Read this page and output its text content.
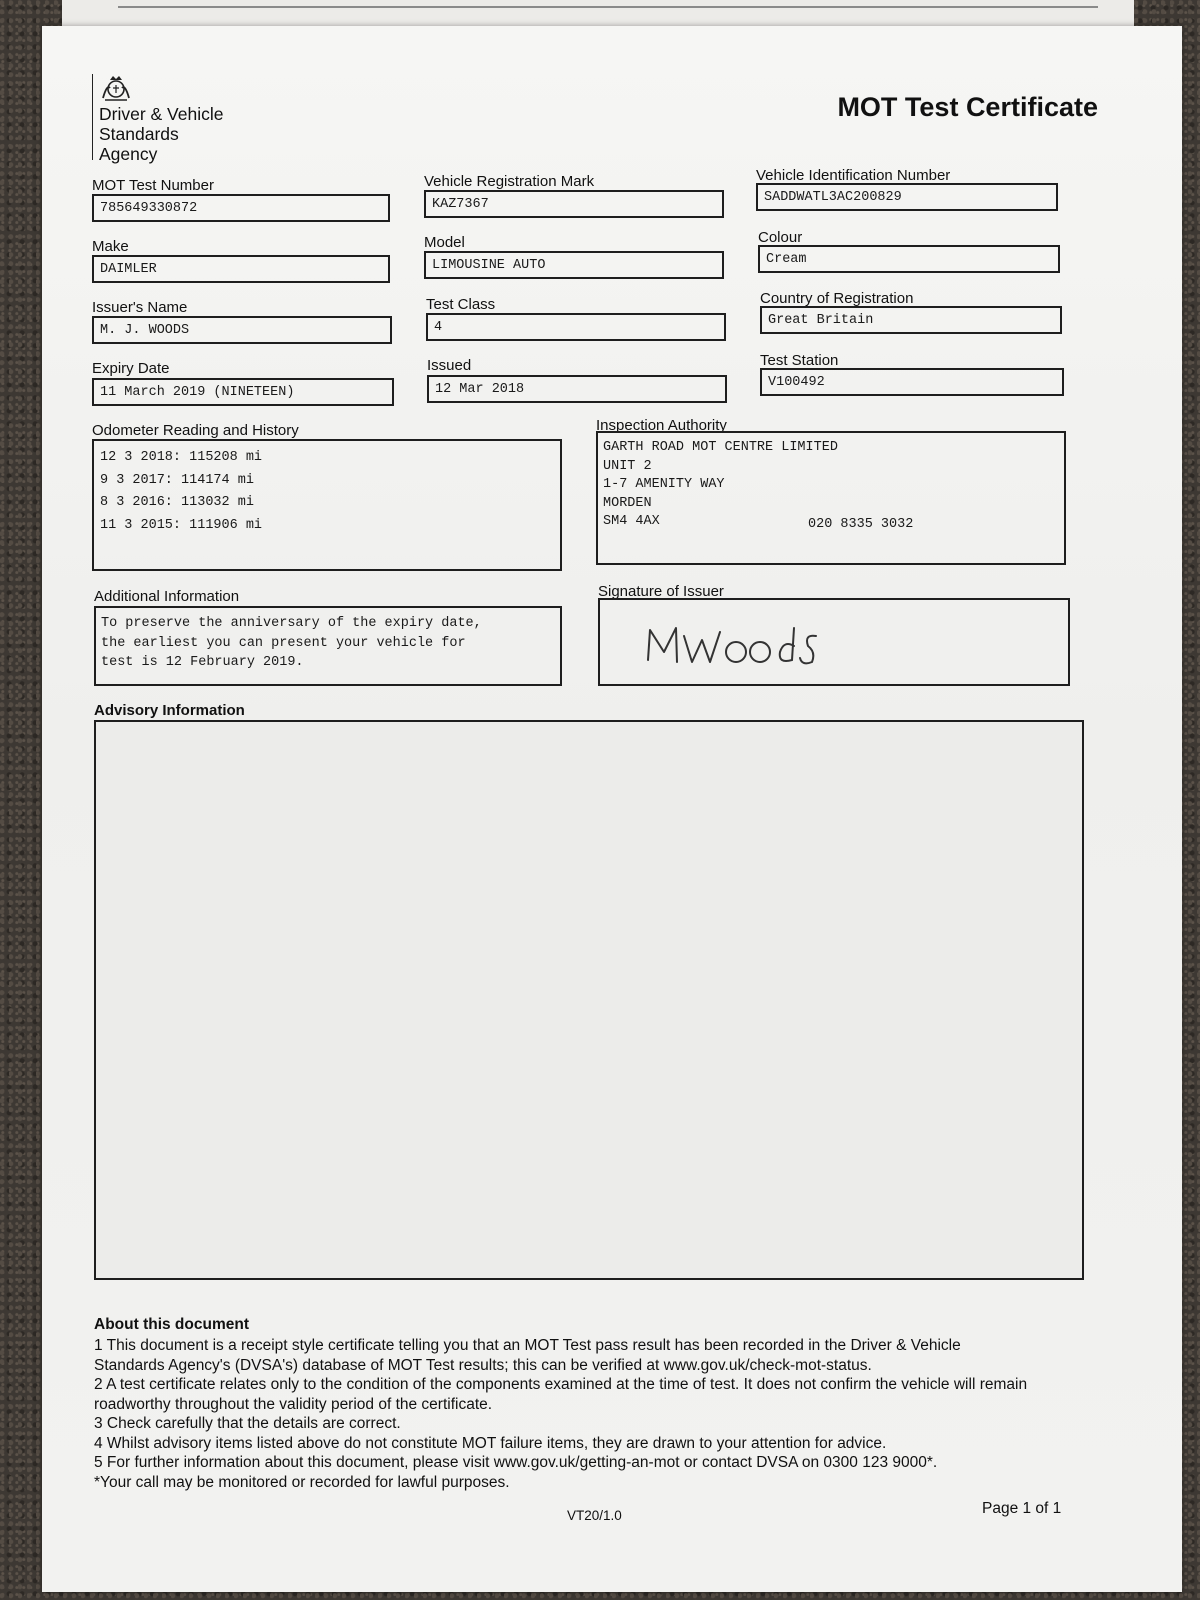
Driver & Vehicle
Standards
Agency
MOT Test Certificate
MOT Test Number
785649330872
Vehicle Registration Mark
KAZ7367
Vehicle Identification Number
SADDWATL3AC200829
Make
DAIMLER
Model
LIMOUSINE AUTO
Colour
Cream
Issuer's Name
M. J. WOODS
Test Class
4
Country of Registration
Great Britain
Expiry Date
11 March 2019 (NINETEEN)
Issued
12 Mar 2018
Test Station
V100492
Odometer Reading and History
12 3 2018: 115208 mi
9 3 2017: 114174 mi
8 3 2016: 113032 mi
11 3 2015: 111906 mi
Inspection Authority
GARTH ROAD MOT CENTRE LIMITED
UNIT 2
1-7 AMENITY WAY
MORDEN
SM4 4AX	020 8335 3032
Additional Information
To preserve the anniversary of the expiry date,
the earliest you can present your vehicle for
test is 12 February 2019.
Signature of Issuer
Advisory Information
About this document

1 This document is a receipt style certificate telling you that an MOT Test pass result has been recorded in the Driver & Vehicle

Standards Agency's (DVSA's) database of MOT Test results; this can be verified at www.gov.uk/check-mot-status.

2 A test certificate relates only to the condition of the components examined at the time of test. It does not confirm the vehicle will remain

roadworthy throughout the validity period of the certificate.

3 Check carefully that the details are correct.

4 Whilst advisory items listed above do not constitute MOT failure items, they are drawn to your attention for advice.

5 For further information about this document, please visit www.gov.uk/getting-an-mot or contact DVSA on 0300 123 9000*.

*Your call may be monitored or recorded for lawful purposes.

VT20/1.0	Page 1 of 1
